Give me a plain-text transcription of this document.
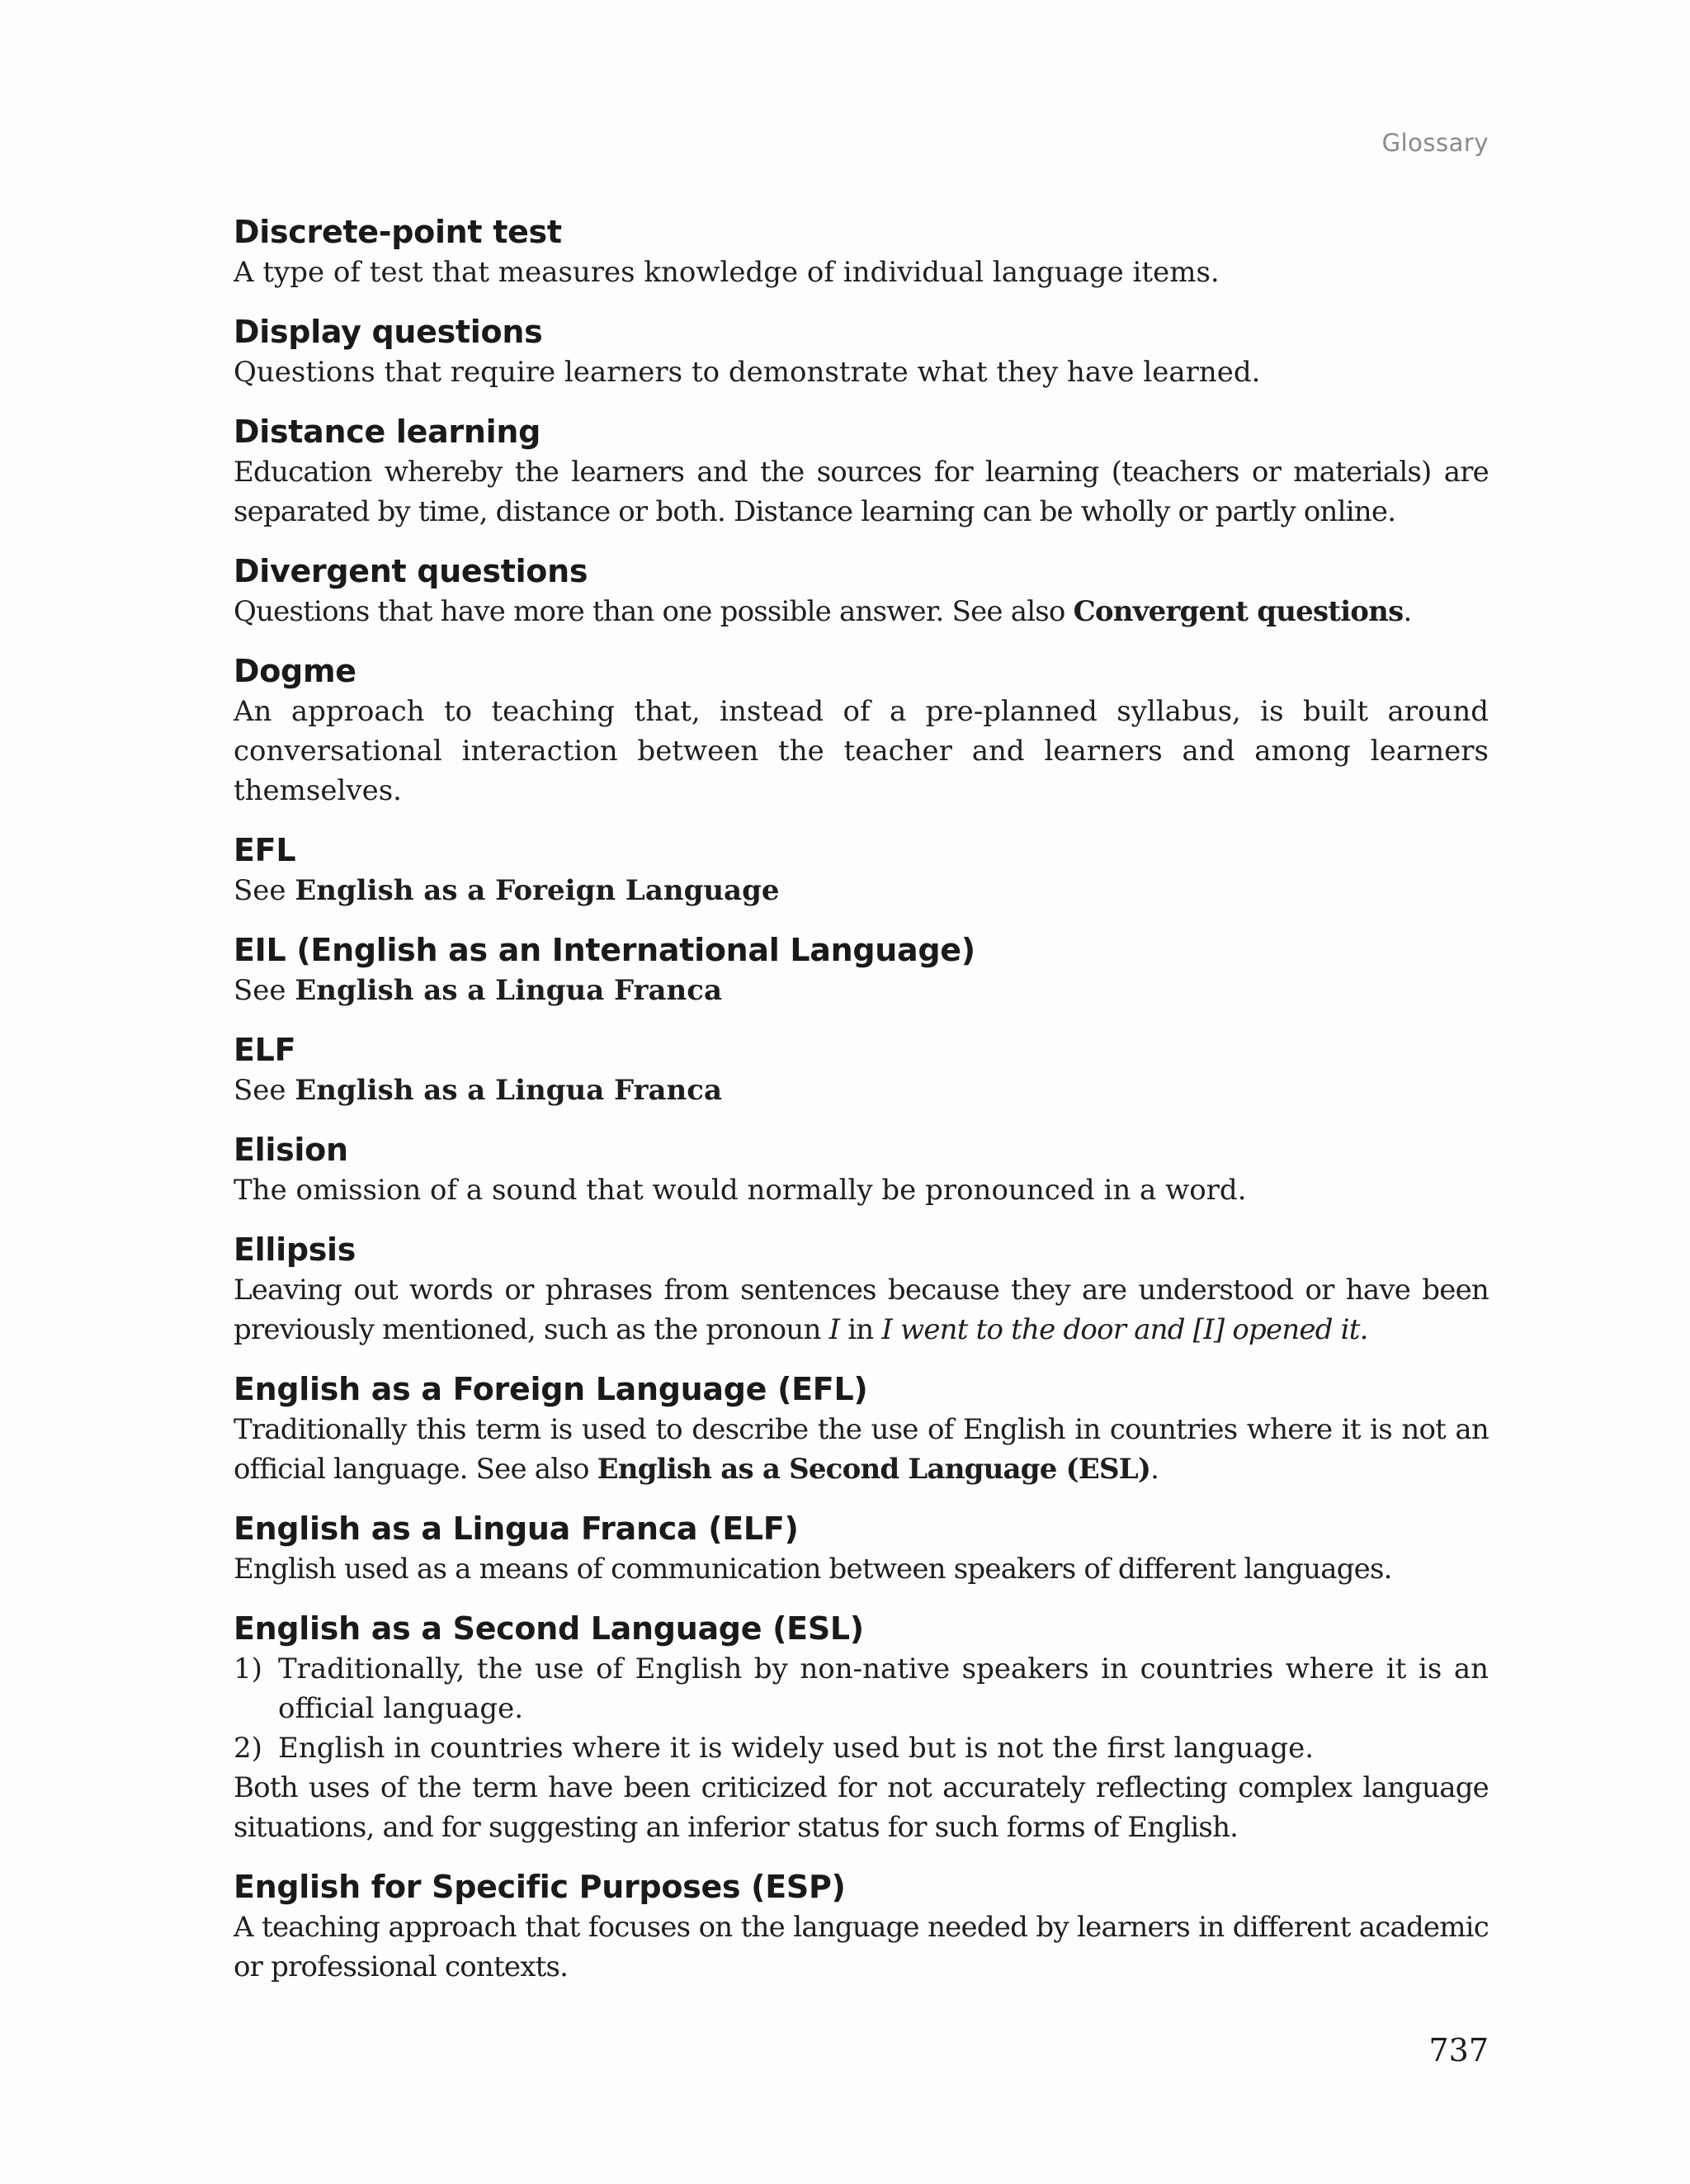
Glossary
Discrete-point test
A type of test that measures knowledge of individual language items.
Display questions
Questions that require learners to demonstrate what they have learned.
Distance learning
Education whereby the learners and the sources for learning (teachers or materials) are separated by time, distance or both. Distance learning can be wholly or partly online.
Divergent questions
Questions that have more than one possible answer. See also Convergent questions.
Dogme
An approach to teaching that, instead of a pre-planned syllabus, is built around conversational interaction between the teacher and learners and among learners themselves.
EFL
See English as a Foreign Language
EIL (English as an International Language)
See English as a Lingua Franca
ELF
See English as a Lingua Franca
Elision
The omission of a sound that would normally be pronounced in a word.
Ellipsis
Leaving out words or phrases from sentences because they are understood or have been previously mentioned, such as the pronoun I in I went to the door and [I] opened it.
English as a Foreign Language (EFL)
Traditionally this term is used to describe the use of English in countries where it is not an official language. See also English as a Second Language (ESL).
English as a Lingua Franca (ELF)
English used as a means of communication between speakers of different languages.
English as a Second Language (ESL)
1) Traditionally, the use of English by non-native speakers in countries where it is an official language.
2) English in countries where it is widely used but is not the first language.
Both uses of the term have been criticized for not accurately reflecting complex language situations, and for suggesting an inferior status for such forms of English.
English for Specific Purposes (ESP)
A teaching approach that focuses on the language needed by learners in different academic or professional contexts.
737
